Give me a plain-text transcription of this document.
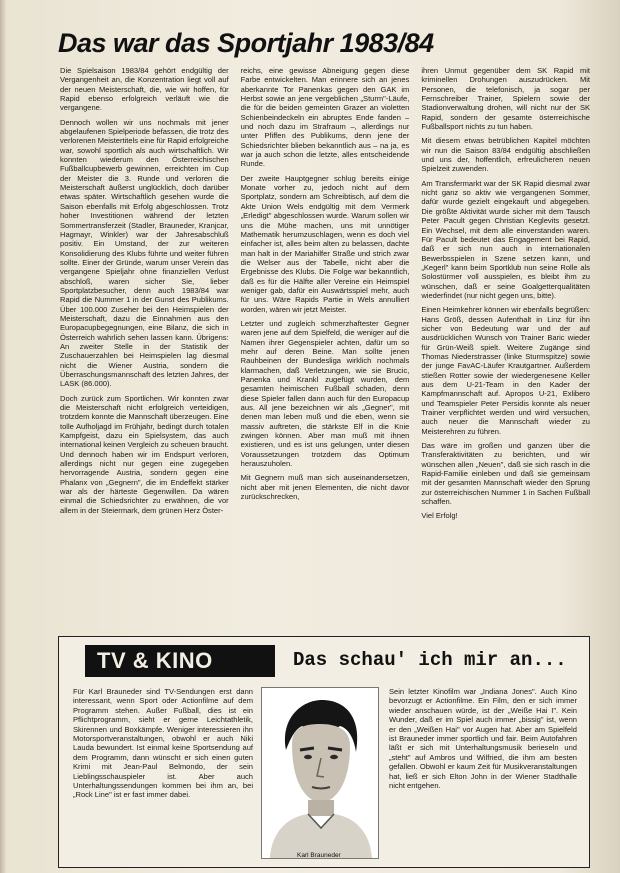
Das war das Sportjahr 1983/84

Die Spielsaison 1983/84 gehört endgültig der Vergangenheit an, die Konzentration liegt voll auf der neuen Meisterschaft, die, wie wir hoffen, für Rapid ebenso erfolgreich verläuft wie die vergangene.

Dennoch wollen wir uns nochmals mit jener abgelaufenen Spielperiode befassen, die trotz des verlorenen Meistertitels eine für Rapid erfolgreiche war, sowohl sportlich als auch wirtschaftlich. Wir konnten wiederum den Österreichischen Fußballcupbewerb gewinnen, erreichten im Cup der Meister die 3. Runde und verloren die Meisterschaft äußerst unglücklich, doch darüber etwas später. Wirtschaftlich gesehen wurde die Saison ebenfalls mit Erfolg abgeschlossen. Trotz hoher Investitionen während der letzten Sommertransferzeit (Stadler, Brauneder, Kranjcar, Hagmayr, Winkler) war der Jahresabschluß positiv. Ein Umstand, der zur weiteren Konsolidierung des Klubs führte und weiter führen sollte. Einer der Gründe, warum unser Verein das vergangene Spieljahr ohne finanziellen Verlust abschloß, waren sicher Sie, lieber Sportplatzbesucher, denn auch 1983/84 war Rapid die Nummer 1 in der Gunst des Publikums. Über 100.000 Zuseher bei den Heimspielen der Meisterschaft, dazu die Einnahmen aus den Europacupbegegnungen, eine Bilanz, die sich in Österreich wahrlich sehen lassen kann. Übrigens: An zweiter Stelle in der Statistik der Zuschauerzahlen bei Heimspielen lag diesmal nicht die Wiener Austria, sondern die Überraschungsmannschaft des letzten Jahres, der LASK (86.000).

Doch zurück zum Sportlichen. Wir konnten zwar die Meisterschaft nicht erfolgreich verteidigen, trotzdem konnte die Mannschaft überzeugen. Eine tolle Aufholjagd im Frühjahr, bedingt durch totalen Kampfgeist, dazu ein Spielsystem, das auch international keinen Vergleich zu scheuen braucht. Und dennoch haben wir im Endspurt verloren, allerdings nicht nur gegen eine zugegeben hervorragende Austria, sondern gegen eine Phalanx von „Gegnern", die im Endeffekt stärker war als der härteste Gegenwillen. Da wären einmal die Schiedsrichter zu erwähnen, die vor allem in der Steiermark, dem grünen Herz Öster-

reichs, eine gewisse Abneigung gegen diese Farbe entwickelten. Man erinnere sich an jenes aberkannte Tor Panenkas gegen den GAK im Herbst sowie an jene vergeblichen „Sturm"-Läufe, die für die beiden gemeinten Grazer an violetten Schienbeindeckeln ein abruptes Ende fanden – und noch dazu im Strafraum –, allerdings nur unter Pfiffen des Publikums, denn jene der Schiedsrichter blieben bekanntlich aus – na ja, es war ja auch schon die letzte, alles entscheidende Runde.

Der zweite Hauptgegner schlug bereits einige Monate vorher zu, jedoch nicht auf dem Sportplatz, sondern am Schreibtisch, auf dem die Akte Union Wels endgültig mit dem Vermerk „Erledigt" abgeschlossen wurde. Warum sollen wir uns die Mühe machen, uns mit unnötiger Mathematik herumzuschlagen, wenn es doch viel einfacher ist, alles beim alten zu belassen, dachte man halt in der Mariahilfer Straße und strich zwar die Welser aus der Tabelle, nicht aber die Ergebnisse des Klubs. Die Folge war bekanntlich, daß es für die Hälfte aller Vereine ein Heimspiel weniger gab, dafür ein Auswärtsspiel mehr, auch für uns. Wäre Rapids Partie in Wels annulliert worden, wären wir jetzt Meister.

Letzter und zugleich schmerzhaftester Gegner waren jene auf dem Spielfeld, die weniger auf die Namen ihrer Gegenspieler achten, dafür um so mehr auf deren Beine. Man sollte jenen Rauhbeinen der Bundesliga wirklich nochmals klarmachen, daß Verletzungen, wie sie Brucic, Panenka und Krankl zugefügt wurden, dem gesamten heimischen Fußball schaden, denn diese Spieler fallen dann auch für den Europacup aus. All jene bezeichnen wir als „Gegner", mit denen man leben muß und die eben, wenn sie massiv auftreten, die stärkste Elf in die Knie zwingen können. Aber man muß mit ihnen existieren, und es ist uns gelungen, unter diesen Voraussetzungen trotzdem das Optimum herauszuholen.

Mit Gegnern muß man sich auseinandersetzen, nicht aber mit jenen Elementen, die nicht davor zurückschrecken,

ihren Unmut gegenüber dem SK Rapid mit kriminellen Drohungen auszudrücken. Mit Personen, die telefonisch, ja sogar per Fernschreiber Trainer, Spielern sowie der Stadionverwaltung drohen, will nicht nur der SK Rapid, sondern der gesamte österreichische Fußballsport nichts zu tun haben.

Mit diesem etwas betrüblichen Kapitel möchten wir nun die Saison 83/84 endgültig abschließen und uns der, hoffentlich, erfreulicheren neuen Spielzeit zuwenden.

Am Transfermarkt war der SK Rapid diesmal zwar nicht ganz so aktiv wie vergangenen Sommer, dafür wurde gezielt eingekauft und abgegeben. Die größte Aktivität wurde sicher mit dem Tausch Peter Pacult gegen Christian Keglevits gesetzt. Ein Wechsel, mit dem alle einverstanden waren. Für Pacult bedeutet das Engagement bei Rapid, daß er sich nun auch in internationalen Bewerbsspielen in Szene setzen kann, und „Kegerl" kann beim Sportklub nun seine Rolle als Solostürmer voll ausspielen, es bleibt ihm zu wünschen, daß er seine Goalgetterqualitäten wiederfindet (nur nicht gegen uns, bitte).

Einen Heimkehrer können wir ebenfalls begrüßen: Hans Größ, dessen Aufenthalt in Linz für ihn sicher von Bedeutung war und der auf ausdrücklichen Wunsch von Trainer Baric wieder für Grün-Weiß spielt. Weitere Zugänge sind Thomas Niederstrasser (linke Sturmspitze) sowie der junge FavAC-Läufer Krautgartner. Außerdem stießen Rotter sowie der wiedergenesene Keller aus dem U-21-Team in den Kader der Kampfmannschaft auf. Apropos U-21, Exlibero und Teamspieler Peter Persidis konnte als neuer Trainer verpflichtet werden und wird versuchen, auch neuer die Mannschaft wieder zu Meisterehren zu führen.

Das wäre im großen und ganzen über die Transferaktivitäten zu berichten, und wir wünschen allen „Neuen", daß sie sich rasch in die Rapid-Familie einleben und daß sie gemeinsam mit der gesamten Mannschaft wieder den Sprung zur österreichischen Nummer 1 in Sachen Fußball schaffen.

Viel Erfolg!

TV & KINO	Das schau' ich mir an...
Für Karl Brauneder sind TV-Sendungen erst dann interessant, wenn Sport oder Actionfilme auf dem Programm stehen. Außer Fußball, dies ist ein Pflichtprogramm, sieht er gerne Leichtathletik, Skirennen und Boxkämpfe. Weniger interessieren ihn Motorsportveranstaltungen, obwohl er auch Niki Lauda bewundert. Ist einmal keine Sportsendung auf dem Programm, dann wünscht er sich einen guten Krimi mit Jean-Paul Belmondo, der sein Lieblingsschauspieler ist. Aber auch Unterhaltungssendungen kommen bei ihm an, bei „Rock Line" ist er fast immer dabei.
Karl Brauneder
Sein letzter Kinofilm war „Indiana Jones". Auch Kino bevorzugt er Actionfilme. Ein Film, den er sich immer wieder anschauen würde, ist der „Weiße Hai I". Kein Wunder, daß er im Spiel auch immer „bissig" ist, wenn er den „Weißen Hai" vor Augen hat. Aber am Spielfeld ist Brauneder immer sportlich und fair. Beim Autofahren läßt er sich mit Unterhaltungsmusik berieseln und „steht" auf Ambros und Wilfried, die ihm am besten gefallen. Obwohl er kaum Zeit für Musikveranstaltungen hat, ließ er sich Elton John in der Wiener Stadthalle nicht entgehen.
